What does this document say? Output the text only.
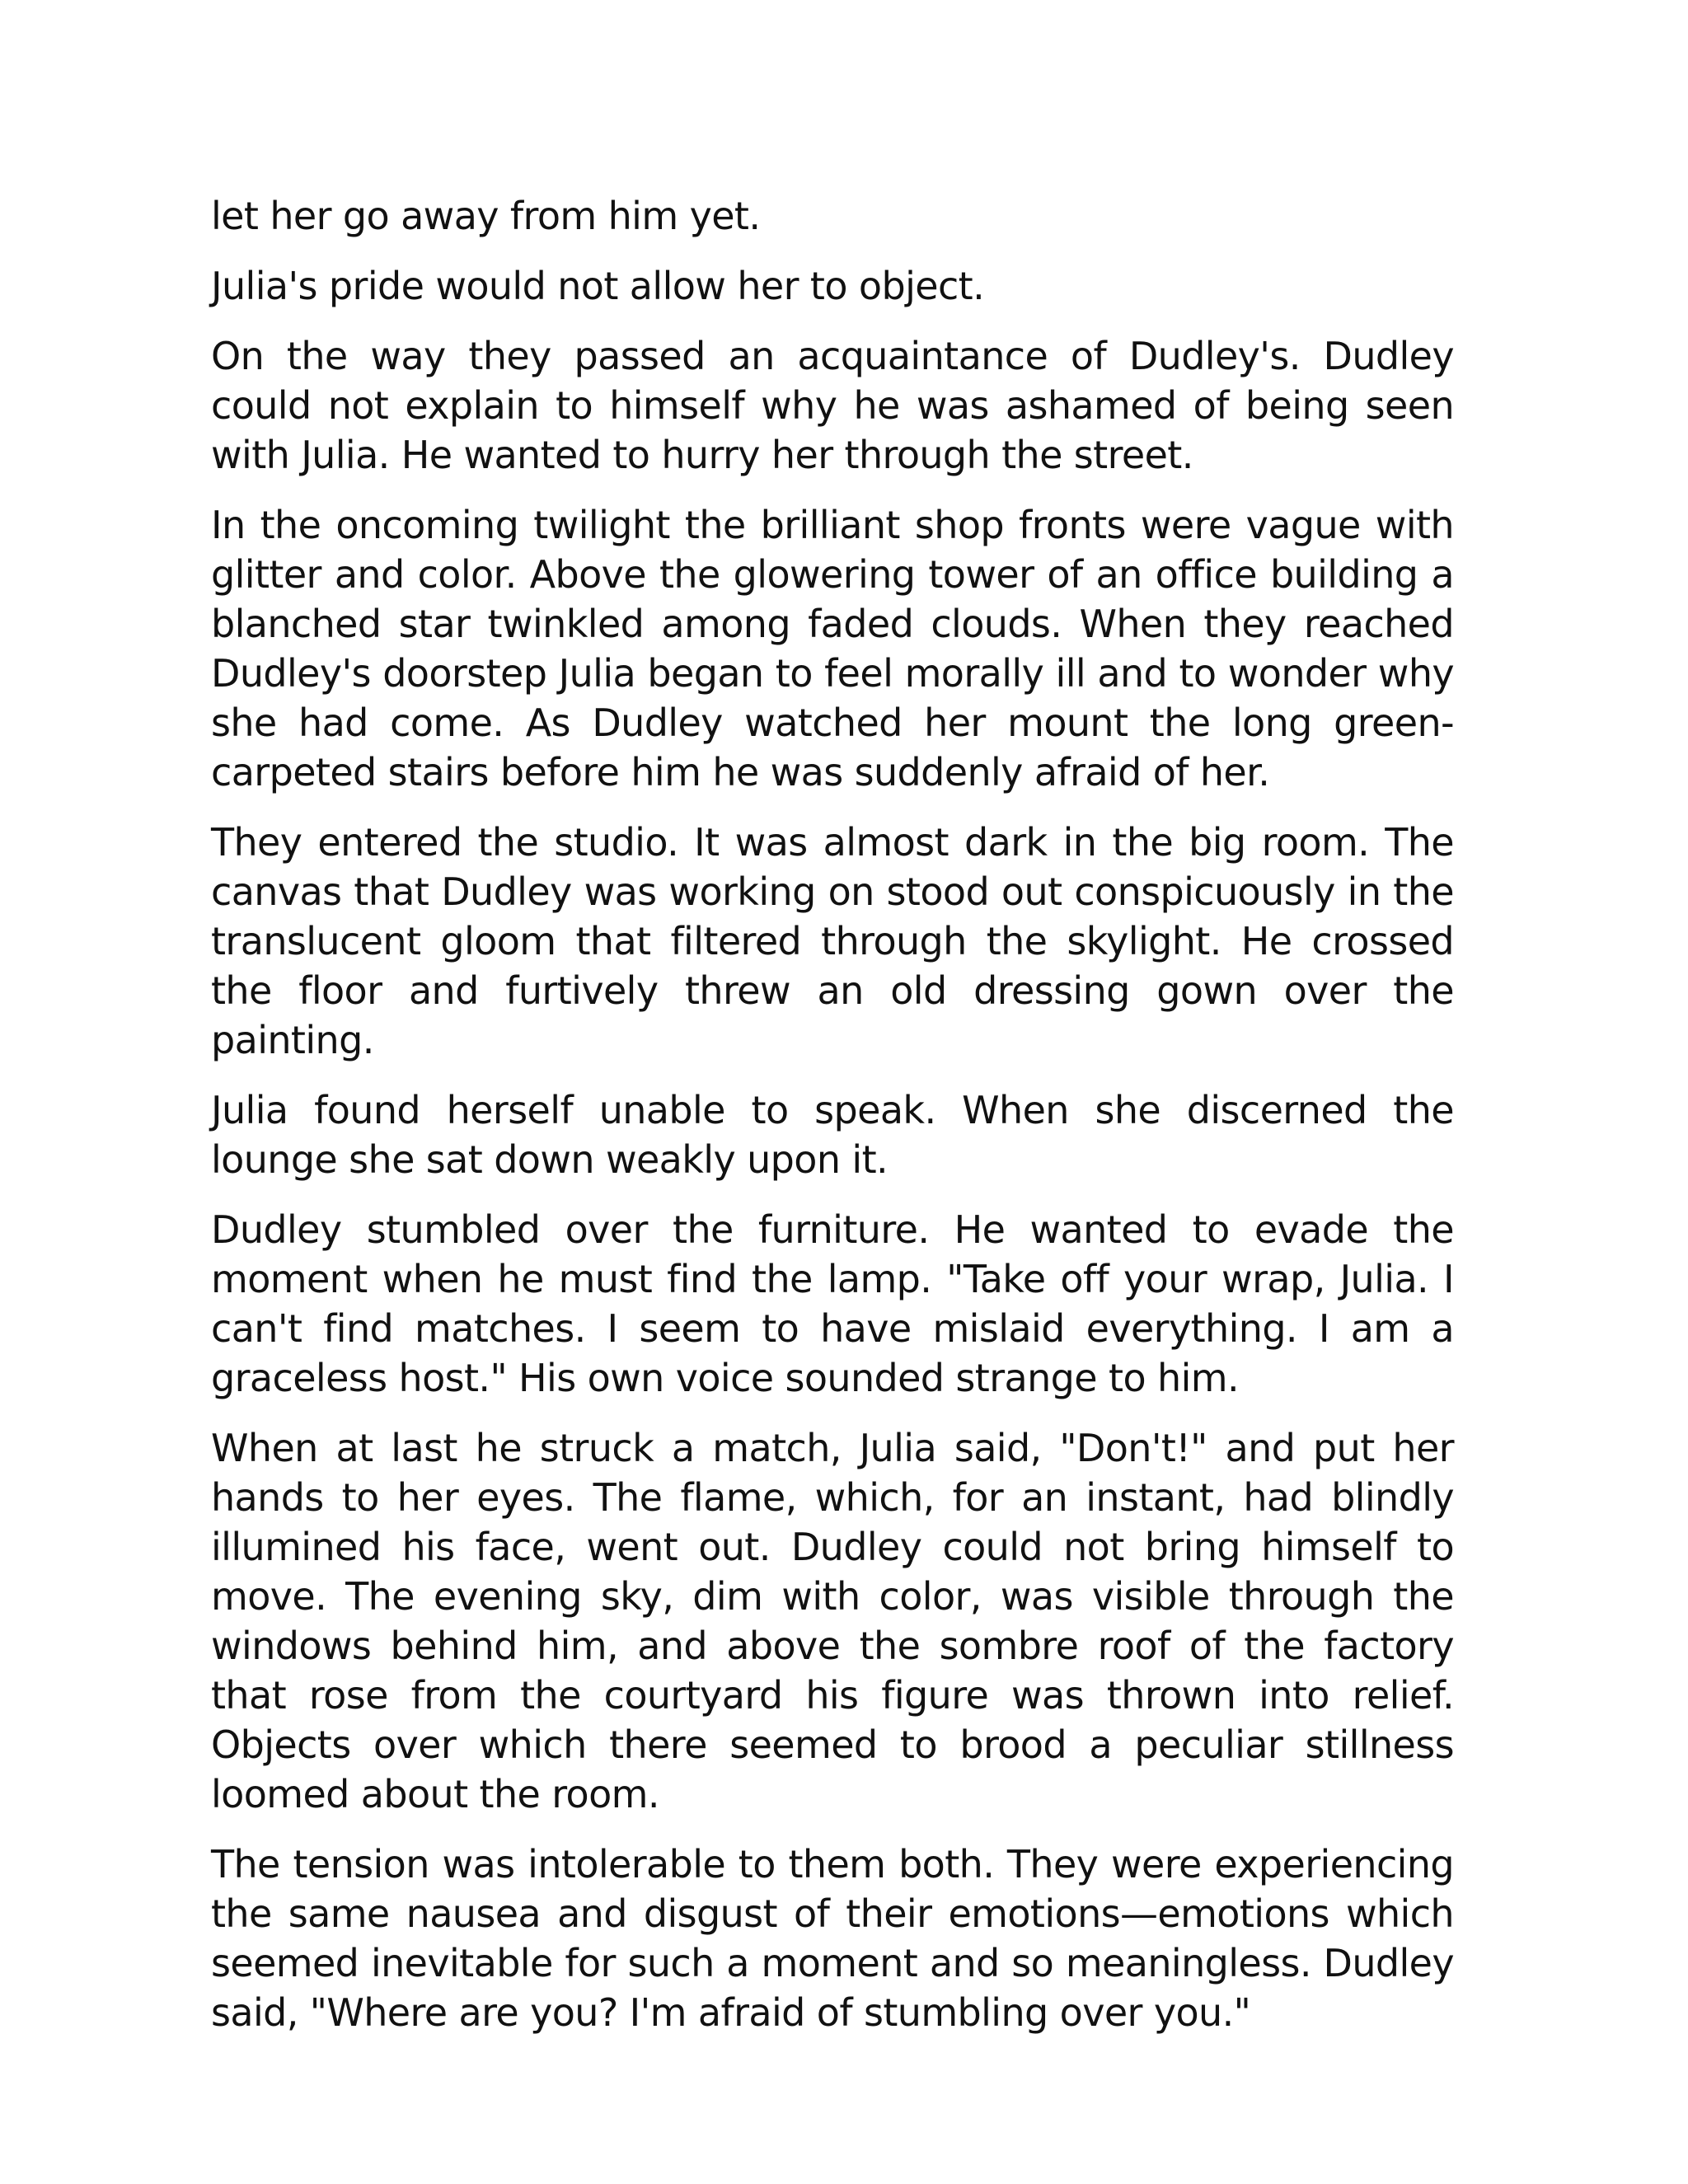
let her go away from him yet.

Julia's pride would not allow her to object.

On the way they passed an acquaintance of Dudley's. Dudley could not explain to himself why he was ashamed of being seen with Julia. He wanted to hurry her through the street.

In the oncoming twilight the brilliant shop fronts were vague with glitter and color. Above the glowering tower of an office building a blanched star twinkled among faded clouds. When they reached Dudley's doorstep Julia began to feel morally ill and to wonder why she had come. As Dudley watched her mount the long green-carpeted stairs before him he was suddenly afraid of her.

They entered the studio. It was almost dark in the big room. The canvas that Dudley was working on stood out conspicuously in the translucent gloom that filtered through the skylight. He crossed the floor and furtively threw an old dressing gown over the painting.

Julia found herself unable to speak. When she discerned the lounge she sat down weakly upon it.

Dudley stumbled over the furniture. He wanted to evade the moment when he must find the lamp. "Take off your wrap, Julia. I can't find matches. I seem to have mislaid everything. I am a graceless host." His own voice sounded strange to him.

When at last he struck a match, Julia said, "Don't!" and put her hands to her eyes. The flame, which, for an instant, had blindly illumined his face, went out. Dudley could not bring himself to move. The evening sky, dim with color, was visible through the windows behind him, and above the sombre roof of the factory that rose from the courtyard his figure was thrown into relief. Objects over which there seemed to brood a peculiar stillness loomed about the room.

The tension was intolerable to them both. They were experiencing the same nausea and disgust of their emotions—emotions which seemed inevitable for such a moment and so meaningless. Dudley said, "Where are you? I'm afraid of stumbling over you."
